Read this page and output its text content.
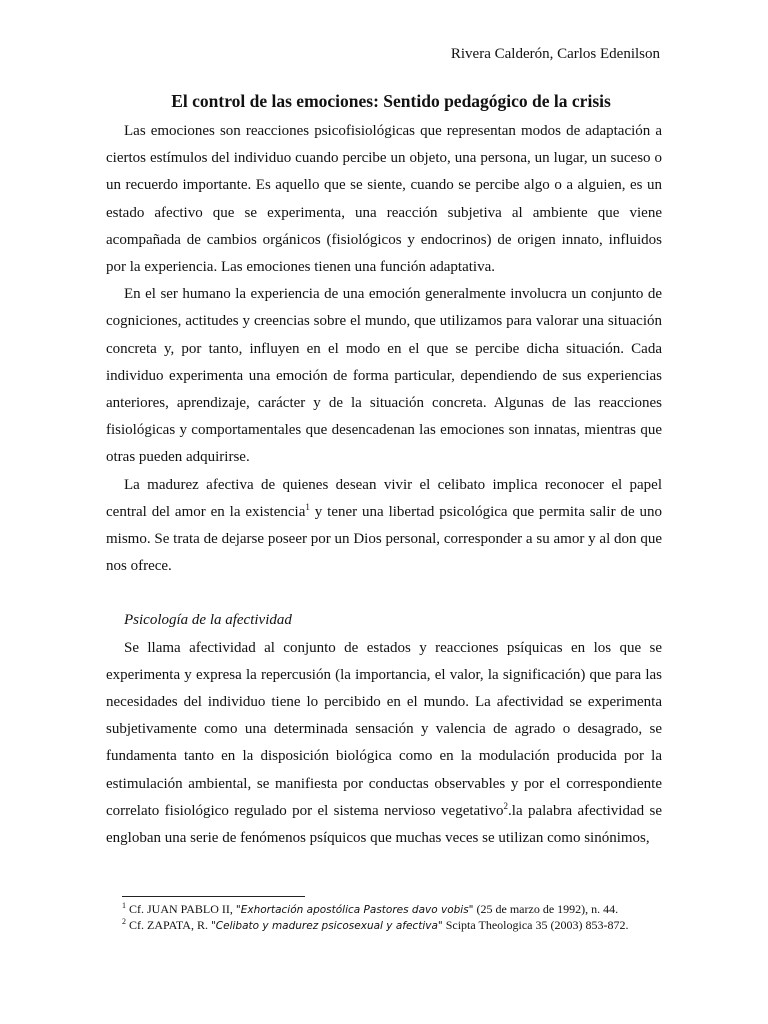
Rivera Calderón, Carlos Edenilson
El control de las emociones: Sentido pedagógico de la crisis

Las emociones son reacciones psicofisiológicas que representan modos de adaptación a ciertos estímulos del individuo cuando percibe un objeto, una persona, un lugar, un suceso o un recuerdo importante. Es aquello que se siente, cuando se percibe algo o a alguien, es un estado afectivo que se experimenta, una reacción subjetiva al ambiente que viene acompañada de cambios orgánicos (fisiológicos y endocrinos) de origen innato, influidos por la experiencia. Las emociones tienen una función adaptativa.

En el ser humano la experiencia de una emoción generalmente involucra un conjunto de cogniciones, actitudes y creencias sobre el mundo, que utilizamos para valorar una situación concreta y, por tanto, influyen en el modo en el que se percibe dicha situación. Cada individuo experimenta una emoción de forma particular, dependiendo de sus experiencias anteriores, aprendizaje, carácter y de la situación concreta. Algunas de las reacciones fisiológicas y comportamentales que desencadenan las emociones son innatas, mientras que otras pueden adquirirse.

La madurez afectiva de quienes desean vivir el celibato implica reconocer el papel central del amor en la existencia$^1$ y tener una libertad psicológica que permita salir de uno mismo. Se trata de dejarse poseer por un Dios personal, corresponder a su amor y al don que nos ofrece.

Psicología de la afectividad

Se llama afectividad al conjunto de estados y reacciones psíquicas en los que se experimenta y expresa la repercusión (la importancia, el valor, la significación) que para las necesidades del individuo tiene lo percibido en el mundo. La afectividad se experimenta subjetivamente como una determinada sensación y valencia de agrado o desagrado, se fundamenta tanto en la disposición biológica como en la modulación producida por la estimulación ambiental, se manifiesta por conductas observables y por el correspondiente correlato fisiológico regulado por el sistema nervioso vegetativo$^2$.la palabra afectividad se engloban una serie de fenómenos psíquicos que muchas veces se utilizan como sinónimos,

$^1$ Cf. JUAN PABLO II, "Exhortación apostólica Pastores davo vobis" (25 de marzo de 1992), n. 44.

$^2$ Cf. ZAPATA, R. "Celibato y madurez psicosexual y afectiva" Scipta Theologica 35 (2003) 853-872.
